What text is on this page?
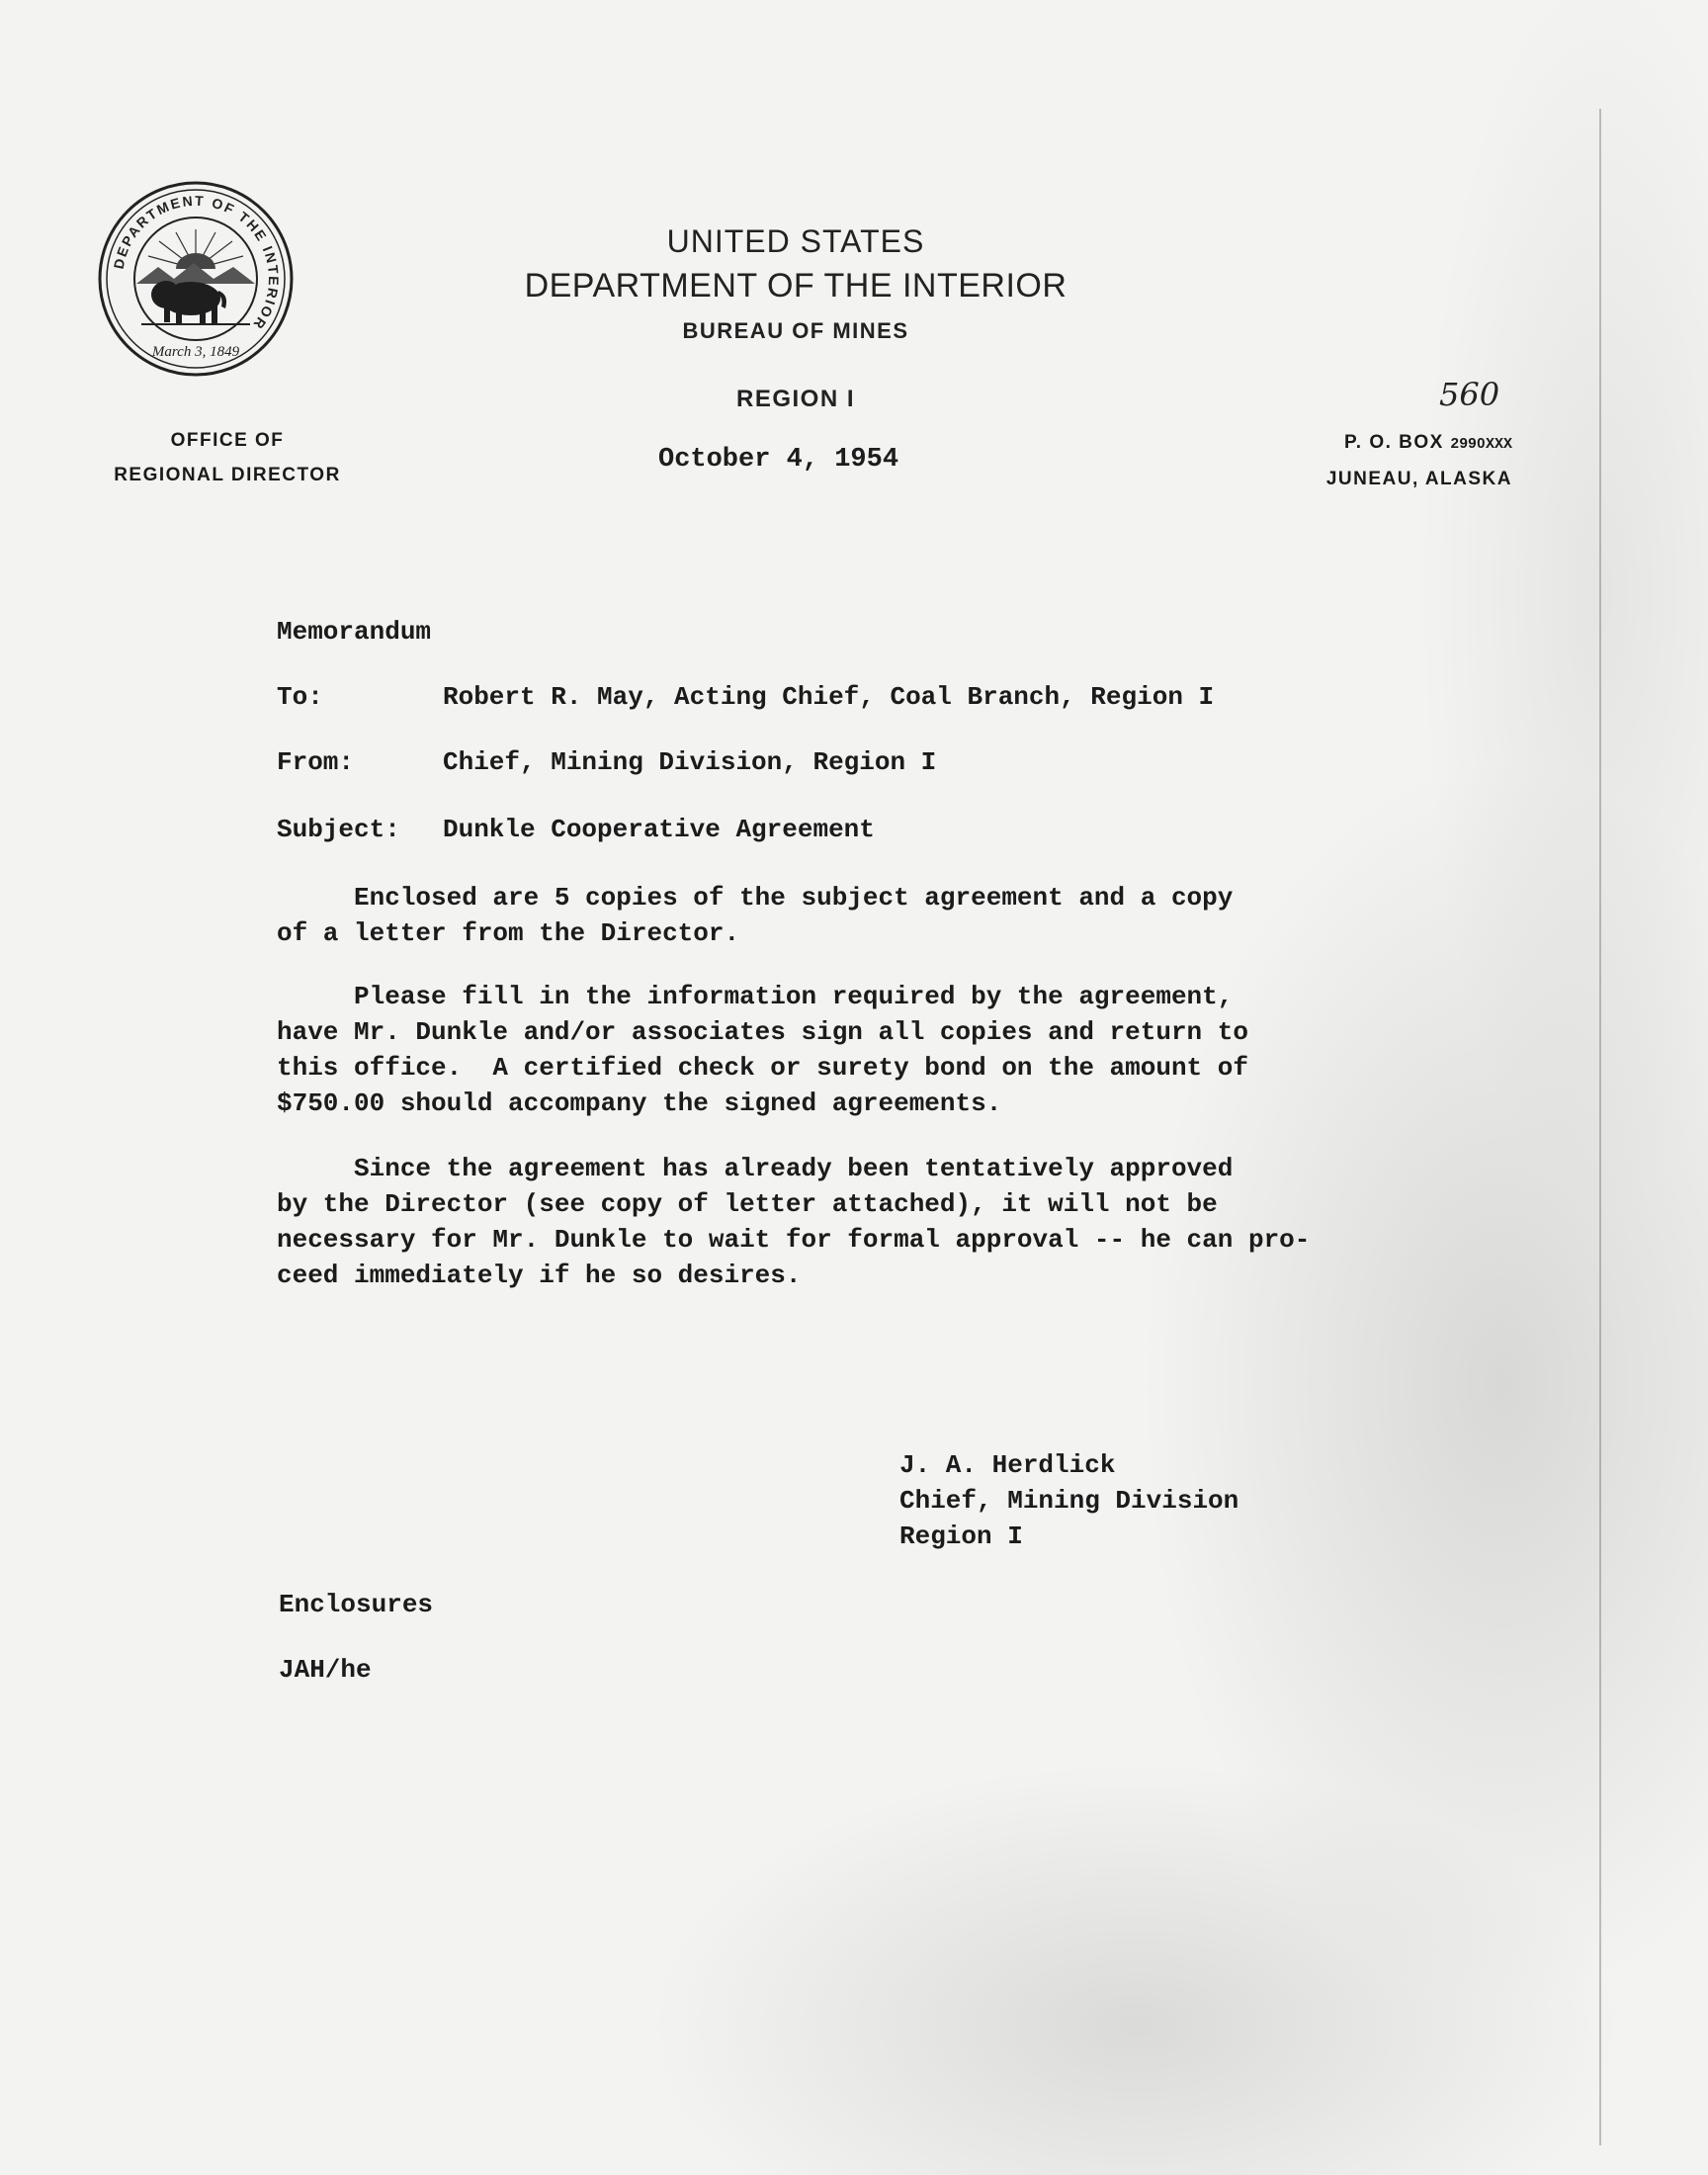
DEPARTMENT OF THE INTERIOR
March 3, 1849
UNITED STATES
DEPARTMENT OF THE INTERIOR
BUREAU OF MINES
REGION I
OFFICE OF
REGIONAL DIRECTOR
560
P. O. BOX 2990XXX
JUNEAU, ALASKA
October 4, 1954
Memorandum
To:	Robert R. May, Acting Chief, Coal Branch, Region I
From:	Chief, Mining Division, Region I
Subject: Dunkle Cooperative Agreement
Enclosed are 5 copies of the subject agreement and a copy
of a letter from the Director.
Please fill in the information required by the agreement,
have Mr. Dunkle and/or associates sign all copies and return to
this office.  A certified check or surety bond on the amount of
$750.00 should accompany the signed agreements.
Since the agreement has already been tentatively approved
by the Director (see copy of letter attached), it will not be
necessary for Mr. Dunkle to wait for formal approval -- he can pro-
ceed immediately if he so desires.
J. A. Herdlick
Chief, Mining Division
Region I
Enclosures
JAH/he
